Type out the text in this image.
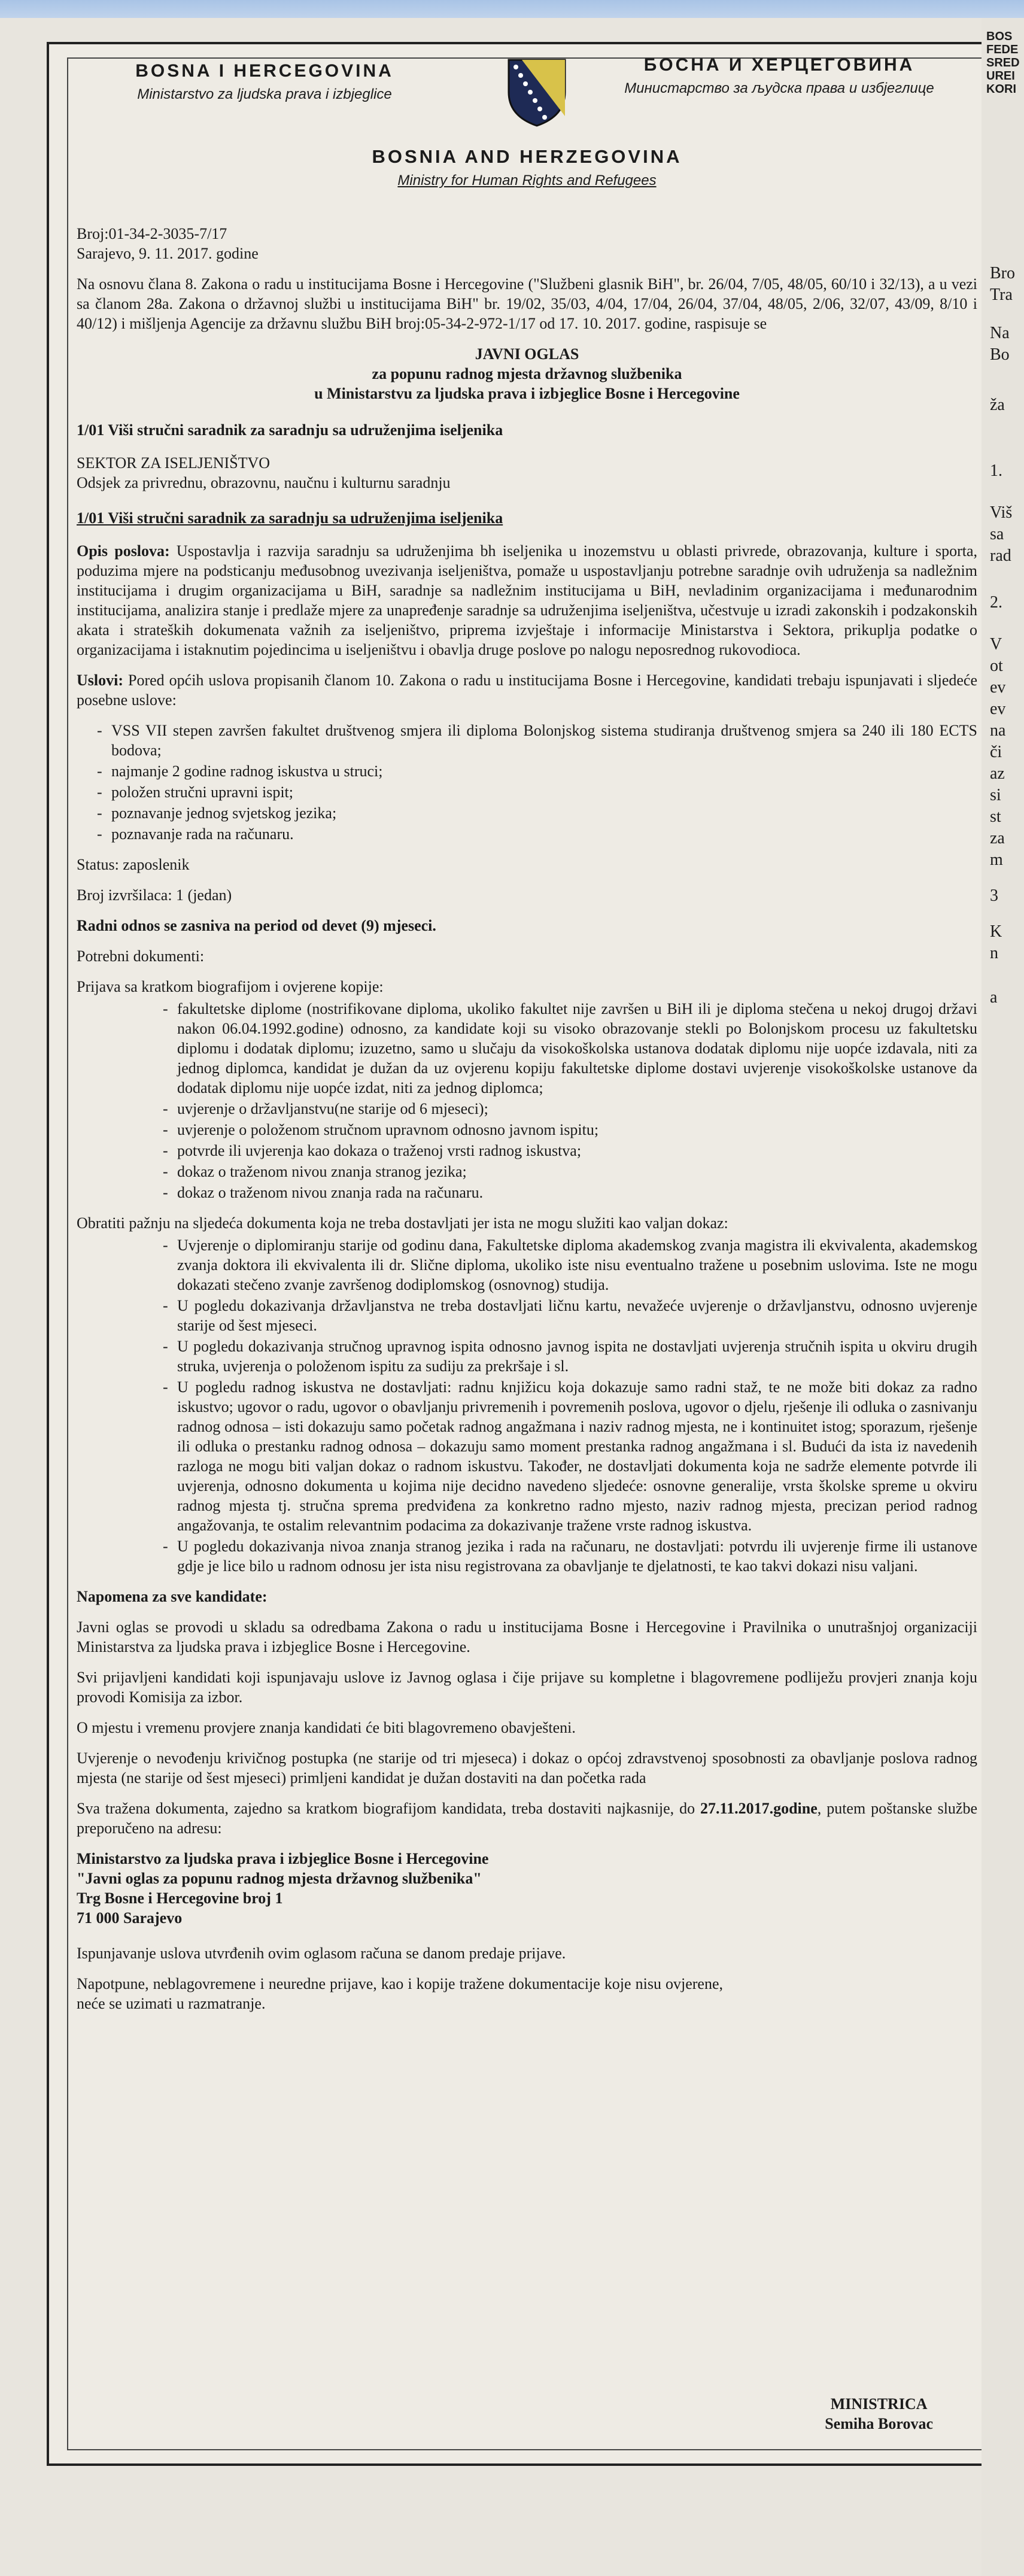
BOSNA I HERCEGOVINA
Ministarstvo za ljudska prava i izbjeglice
БОСНА И ХЕРЦЕГОВИНА
Министарство за људска права и избјеглице
BOSNIA AND HERZEGOVINA
Ministry for Human Rights and Refugees
Broj:01-34-2-3035-7/17
Sarajevo, 9. 11. 2017. godine

Na osnovu člana 8. Zakona o radu u institucijama Bosne i Hercegovine ("Službeni glasnik BiH", br. 26/04, 7/05, 48/05, 60/10 i 32/13), a u vezi sa članom 28a. Zakona o državnoj službi u institucijama BiH" br. 19/02, 35/03, 4/04, 17/04, 26/04, 37/04, 48/05, 2/06, 32/07, 43/09, 8/10 i 40/12) i mišljenja Agencije za državnu službu BiH broj:05-34-2-972-1/17 od 17. 10. 2017. godine, raspisuje se

JAVNI OGLAS
za popunu radnog mjesta državnog službenika
u Ministarstvu za ljudska prava i izbjeglice Bosne i Hercegovine
1/01 Viši stručni saradnik za saradnju sa udruženjima iseljenika
SEKTOR ZA ISELJENIŠTVO
Odsjek za privrednu, obrazovnu, naučnu i kulturnu saradnju
1/01 Viši stručni saradnik za saradnju sa udruženjima iseljenika

Opis poslova: Uspostavlja i razvija saradnju sa udruženjima bh iseljenika u inozemstvu u oblasti privrede, obrazovanja, kulture i sporta, poduzima mjere na podsticanju međusobnog uvezivanja iseljeništva, pomaže u uspostavljanju potrebne saradnje ovih udruženja sa nadležnim institucijama i drugim organizacijama u BiH, saradnje sa nadležnim institucijama u BiH, nevladinim organizacijama i međunarodnim institucijama, analizira stanje i predlaže mjere za unapređenje saradnje sa udruženjima iseljeništva, učestvuje u izradi zakonskih i podzakonskih akata i strateških dokumenata važnih za iseljeništvo, priprema izvještaje i informacije Ministarstva i Sektora, prikuplja podatke o organizacijama i istaknutim pojedincima u iseljeništvu i obavlja druge poslove po nalogu neposrednog rukovodioca.

Uslovi: Pored općih uslova propisanih članom 10. Zakona o radu u institucijama Bosne i Hercegovine, kandidati trebaju ispunjavati i sljedeće posebne uslove:

- VSS VII stepen završen fakultet društvenog smjera ili diploma Bolonjskog sistema studiranja društvenog smjera sa 240 ili 180 ECTS bodova;
- najmanje 2 godine radnog iskustva u struci;
- položen stručni upravni ispit;
- poznavanje jednog svjetskog jezika;
- poznavanje rada na računaru.

Status: zaposlenik

Broj izvršilaca: 1 (jedan)

Radni odnos se zasniva na period od devet (9) mjeseci.

Potrebni dokumenti:

Prijava sa kratkom biografijom i ovjerene kopije:

- fakultetske diplome (nostrifikovane diploma, ukoliko fakultet nije završen u BiH ili je diploma stečena u nekoj drugoj državi nakon 06.04.1992.godine) odnosno, za kandidate koji su visoko obrazovanje stekli po Bolonjskom procesu uz fakultetsku diplomu i dodatak diplomu; izuzetno, samo u slučaju da visokoškolska ustanova dodatak diplomu nije uopće izdavala, niti za jednog diplomca, kandidat je dužan da uz ovjerenu kopiju fakultetske diplome dostavi uvjerenje visokoškolske ustanove da dodatak diplomu nije uopće izdat, niti za jednog diplomca;
- uvjerenje o državljanstvu(ne starije od 6 mjeseci);
- uvjerenje o položenom stručnom upravnom odnosno javnom ispitu;
- potvrde ili uvjerenja kao dokaza o traženoj vrsti radnog iskustva;
- dokaz o traženom nivou znanja stranog jezika;
- dokaz o traženom nivou znanja rada na računaru.

Obratiti pažnju na sljedeća dokumenta koja ne treba dostavljati jer ista ne mogu služiti kao valjan dokaz:

- Uvjerenje o diplomiranju starije od godinu dana, Fakultetske diploma akademskog zvanja magistra ili ekvivalenta, akademskog zvanja doktora ili ekvivalenta ili dr. Slične diploma, ukoliko iste nisu eventualno tražene u posebnim uslovima. Iste ne mogu dokazati stečeno zvanje završenog dodiplomskog (osnovnog) studija.
- U pogledu dokazivanja državljanstva ne treba dostavljati ličnu kartu, nevažeće uvjerenje o državljanstvu, odnosno uvjerenje starije od šest mjeseci.
- U pogledu dokazivanja stručnog upravnog ispita odnosno javnog ispita ne dostavljati uvjerenja stručnih ispita u okviru drugih struka, uvjerenja o položenom ispitu za sudiju za prekršaje i sl.
- U pogledu radnog iskustva ne dostavljati: radnu knjižicu koja dokazuje samo radni staž, te ne može biti dokaz za radno iskustvo; ugovor o radu, ugovor o obavljanju privremenih i povremenih poslova, ugovor o djelu, rješenje ili odluka o zasnivanju radnog odnosa – isti dokazuju samo početak radnog angažmana i naziv radnog mjesta, ne i kontinuitet istog; sporazum, rješenje ili odluka o prestanku radnog odnosa – dokazuju samo moment prestanka radnog angažmana i sl. Budući da ista iz navedenih razloga ne mogu biti valjan dokaz o radnom iskustvu. Također, ne dostavljati dokumenta koja ne sadrže elemente potvrde ili uvjerenja, odnosno dokumenta u kojima nije decidno navedeno sljedeće: osnovne generalije, vrsta školske spreme u okviru radnog mjesta tj. stručna sprema predviđena za konkretno radno mjesto, naziv radnog mjesta, precizan period radnog angažovanja, te ostalim relevantnim podacima za dokazivanje tražene vrste radnog iskustva.
- U pogledu dokazivanja nivoa znanja stranog jezika i rada na računaru, ne dostavljati: potvrdu ili uvjerenje firme ili ustanove gdje je lice bilo u radnom odnosu jer ista nisu registrovana za obavljanje te djelatnosti, te kao takvi dokazi nisu valjani.

Napomena za sve kandidate:

Javni oglas se provodi u skladu sa odredbama Zakona o radu u institucijama Bosne i Hercegovine i Pravilnika o unutrašnjoj organizaciji Ministarstva za ljudska prava i izbjeglice Bosne i Hercegovine.

Svi prijavljeni kandidati koji ispunjavaju uslove iz Javnog oglasa i čije prijave su kompletne i blagovremene podliježu provjeri znanja koju provodi Komisija za izbor.

O mjestu i vremenu provjere znanja kandidati će biti blagovremeno obavješteni.

Uvjerenje o nevođenju krivičnog postupka (ne starije od tri mjeseca) i dokaz o općoj zdravstvenoj sposobnosti za obavljanje poslova radnog mjesta (ne starije od šest mjeseci) primljeni kandidat je dužan dostaviti na dan početka rada

Sva tražena dokumenta, zajedno sa kratkom biografijom kandidata, treba dostaviti najkasnije, do 27.11.2017.godine, putem poštanske službe preporučeno na adresu:

Ministarstvo za ljudska prava i izbjeglice Bosne i Hercegovine
"Javni oglas za popunu radnog mjesta državnog službenika"
Trg Bosne i Hercegovine broj 1
71 000 Sarajevo

Ispunjavanje uslova utvrđenih ovim oglasom računa se danom predaje prijave.

Napotpune, neblagovremene i neuredne prijave, kao i kopije tražene dokumentacije koje nisu ovjerene, neće se uzimati u razmatranje.

MINISTRICA
Semiha Borovac
BOS
FEDE
SRED
UREI
KORI
Bro
Tra
Na
Bo
ža
1.
Viš
sa
rad
2.
V
ot
ev
ev
na
či
az
si
st
za
m
3
K
n
a
